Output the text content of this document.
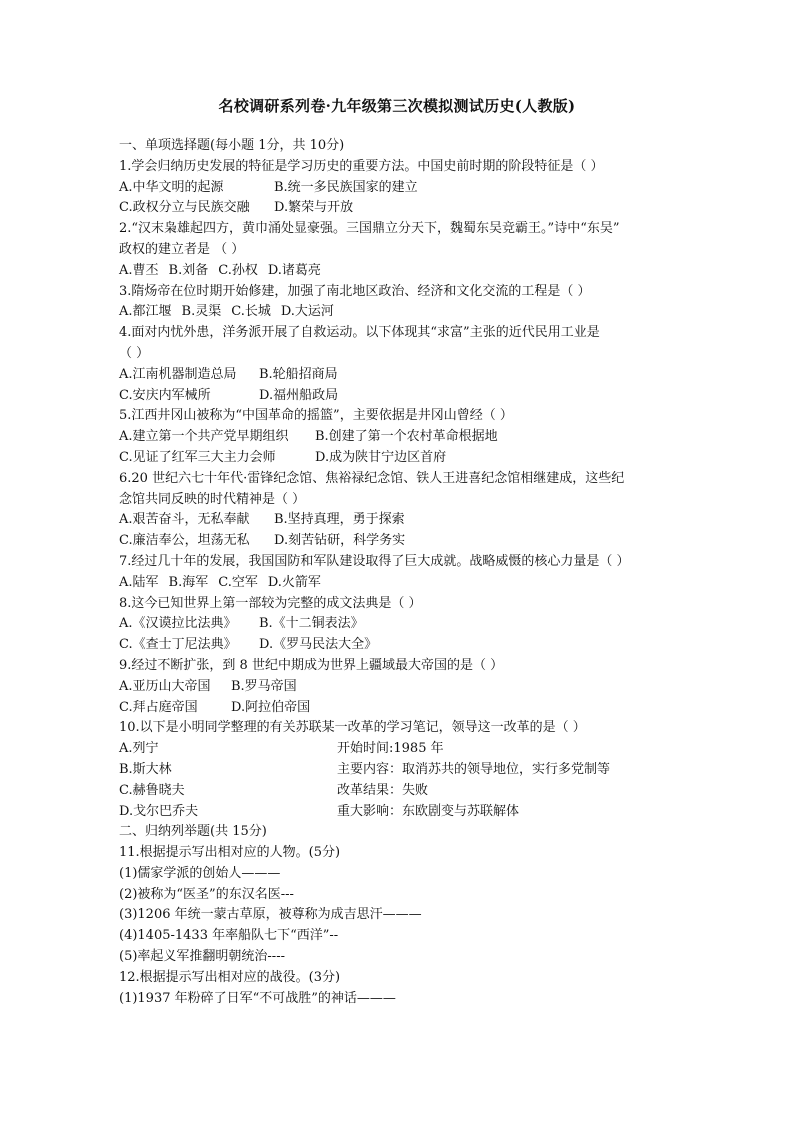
名校调研系列卷·九年级第三次模拟测试历史(人教版)
一、单项选择题(每小题 1分，共 10分)
1.学会归纳历史发展的特征是学习历史的重要方法。中国史前时期的阶段特征是（ ）
A.中华文明的起源	B.统一多民族国家的建立
C.政权分立与民族交融 D.繁荣与开放
2.“汉末枭雄起四方，黄巾涌处显豪强。三国鼎立分天下，魏蜀东吴竞霸王。”诗中“东吴”
政权的建立者是 （ ）
A.曹丕 B.刘备 C.孙权 D.诸葛亮
3.隋炀帝在位时期开始修建，加强了南北地区政治、经济和文化交流的工程是（ ）
A.都江堰 B.灵渠 C.长城 D.大运河
4.面对内忧外患，洋务派开展了自救运动。以下体现其“求富”主张的近代民用工业是
（ ）
A.江南机器制造总局 B.轮船招商局
C.安庆内军械所	D.福州船政局
5.江西井冈山被称为“中国革命的摇篮”，主要依据是井冈山曾经（ ）
A.建立第一个共产党早期组织 B.创建了第一个农村革命根据地
C.见证了红军三大主力会师	D.成为陕甘宁边区首府
6.20 世纪六七十年代·雷锋纪念馆、焦裕禄纪念馆、铁人王进喜纪念馆相继建成，这些纪
念馆共同反映的时代精神是（ ）
A.艰苦奋斗，无私奉献 B.坚持真理，勇于探索
C.廉洁奉公，坦荡无私 D.刻苦钻研，科学务实
7.经过几十年的发展，我国国防和军队建设取得了巨大成就。战略威慑的核心力量是（ ）
A.陆军 B.海军 C.空军 D.火箭军
8.这今已知世界上第一部较为完整的成文法典是（ ）
A.《汉谟拉比法典》 B.《十二铜表法》
C.《查士丁尼法典》 D.《罗马民法大全》
9.经过不断扩张，到 8 世纪中期成为世界上疆域最大帝国的是（ ）
A.亚历山大帝国 B.罗马帝国
C.拜占庭帝国	D.阿拉伯帝国
10.以下是小明同学整理的有关苏联某一改革的学习笔记，领导这一改革的是（ ）
A.列宁	开始时间:1985 年
B.斯大林	主要内容：取消苏共的领导地位，实行多党制等
C.赫鲁晓夫	改革结果：失败
D.戈尔巴乔夫	重大影响：东欧剧变与苏联解体
二、归纳列举题(共 15分)
11.根据提示写出相对应的人物。(5分)
(1)儒家学派的创始人———
(2)被称为“医圣”的东汉名医---
(3)1206 年统一蒙古草原，被尊称为成吉思汗———
(4)1405-1433 年率船队七下“西洋”--
(5)率起义军推翻明朝统治----
12.根据提示写出相对应的战役。(3分)
(1)1937 年粉碎了日军“不可战胜”的神话———
